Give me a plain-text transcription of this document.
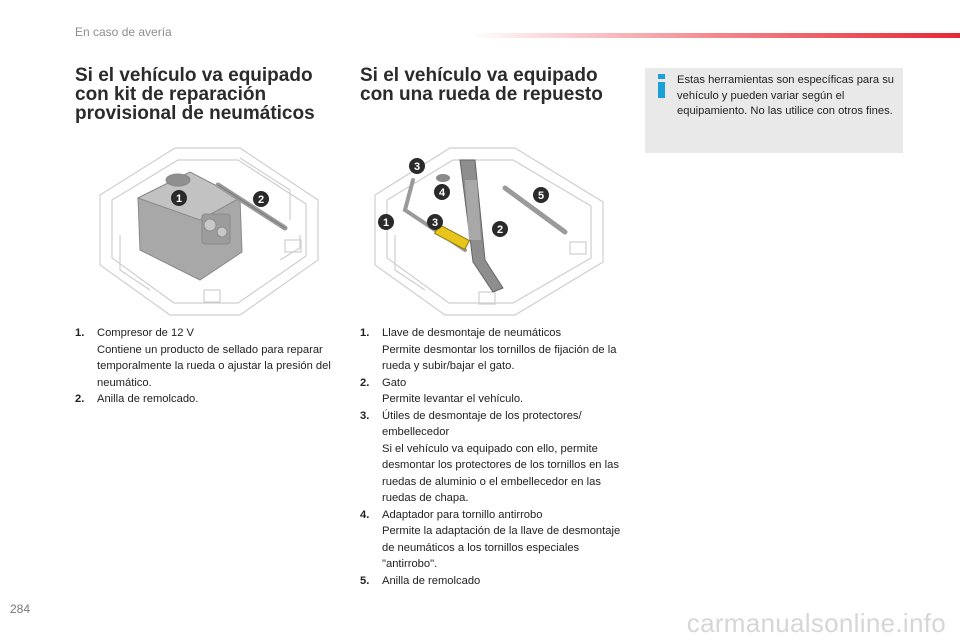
En caso de avería
Si el vehículo va equipado
con kit de reparación
provisional de neumáticos
Si el vehículo va equipado
con una rueda de repuesto
Estas herramientas son específicas para su vehículo y pueden variar según el equipamiento. No las utilice con otros fines.
1	2
3
4	5
1	3
2
1. Compresor de 12 V
Contiene un producto de sellado para reparar temporalmente la rueda o ajustar la presión del neumático.
2. Anilla de remolcado.
1. Llave de desmontaje de neumáticos
Permite desmontar los tornillos de fijación de la rueda y subir/bajar el gato.
2. Gato
Permite levantar el vehículo.
3. Útiles de desmontaje de los protectores/ embellecedor
Si el vehículo va equipado con ello, permite desmontar los protectores de los tornillos en las ruedas de aluminio o el embellecedor en las ruedas de chapa.
4. Adaptador para tornillo antirrobo
Permite la adaptación de la llave de desmontaje de neumáticos a los tornillos especiales "antirrobo".
5. Anilla de remolcado
284	carmanualsonline.info
